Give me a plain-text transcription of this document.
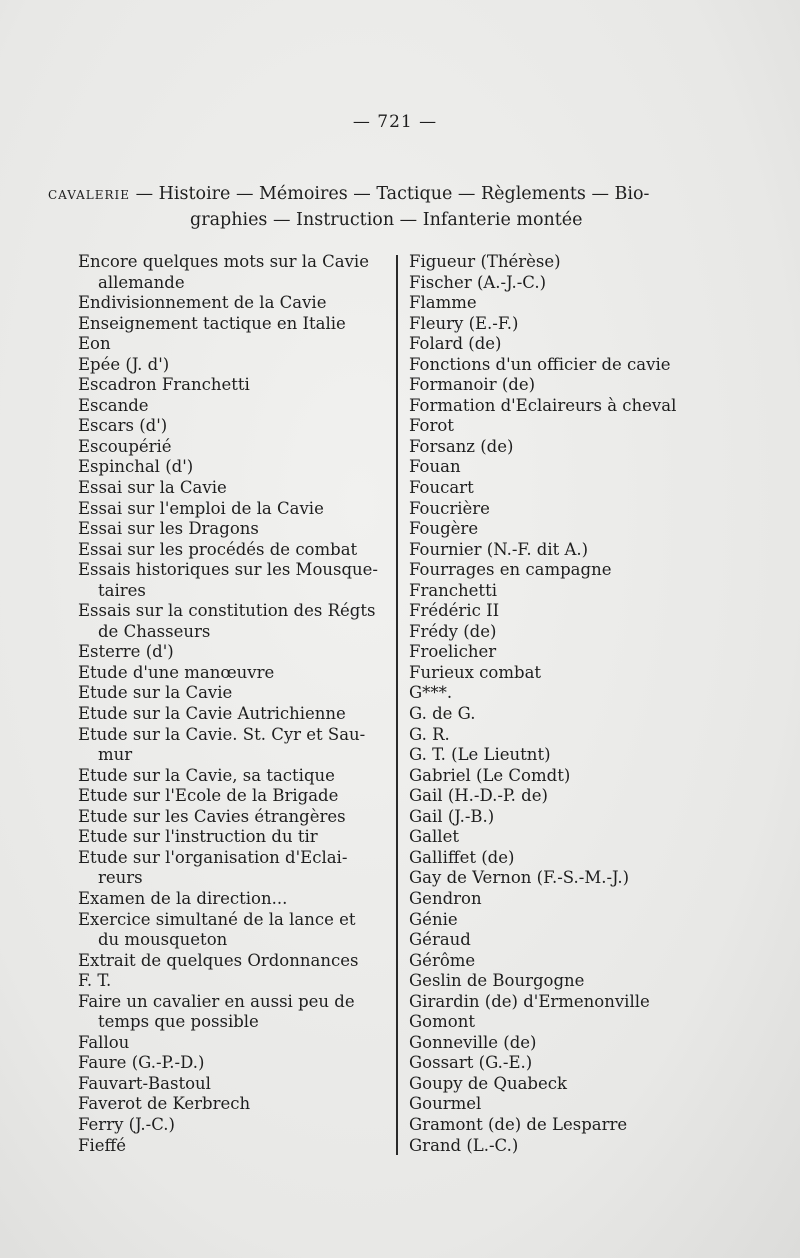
— 721 —
CAVALERIE — Histoire — Mémoires — Tactique — Règlements — Bio-
graphies — Instruction — Infanterie montée
Encore quelques mots sur la Cavie
allemande
Endivisionnement de la Cavie
Enseignement tactique en Italie
Eon
Epée (J. d')
Escadron Franchetti
Escande
Escars (d')
Escoupérié
Espinchal (d')
Essai sur la Cavie
Essai sur l'emploi de la Cavie
Essai sur les Dragons
Essai sur les procédés de combat
Essais historiques sur les Mousque-
taires
Essais sur la constitution des Régts
de Chasseurs
Esterre (d')
Etude d'une manœuvre
Etude sur la Cavie
Etude sur la Cavie Autrichienne
Etude sur la Cavie. St. Cyr et Sau-
mur
Etude sur la Cavie, sa tactique
Etude sur l'Ecole de la Brigade
Etude sur les Cavies étrangères
Etude sur l'instruction du tir
Etude sur l'organisation d'Eclai-
reurs
Examen de la direction...
Exercice simultané de la lance et
du mousqueton
Extrait de quelques Ordonnances
F. T.
Faire un cavalier en aussi peu de
temps que possible
Fallou
Faure (G.-P.-D.)
Fauvart-Bastoul
Faverot de Kerbrech
Ferry (J.-C.)
Fieffé
Figueur (Thérèse)
Fischer (A.-J.-C.)
Flamme
Fleury (E.-F.)
Folard (de)
Fonctions d'un officier de cavie
Formanoir (de)
Formation d'Eclaireurs à cheval
Forot
Forsanz (de)
Fouan
Foucart
Foucrière
Fougère
Fournier (N.-F. dit A.)
Fourrages en campagne
Franchetti
Frédéric II
Frédy (de)
Froelicher
Furieux combat
G***.
G. de G.
G. R.
G. T. (Le Lieutnt)
Gabriel (Le Comdt)
Gail (H.-D.-P. de)
Gail (J.-B.)
Gallet
Galliffet (de)
Gay de Vernon (F.-S.-M.-J.)
Gendron
Génie
Géraud
Gérôme
Geslin de Bourgogne
Girardin (de) d'Ermenonville
Gomont
Gonneville (de)
Gossart (G.-E.)
Goupy de Quabeck
Gourmel
Gramont (de) de Lesparre
Grand (L.-C.)
